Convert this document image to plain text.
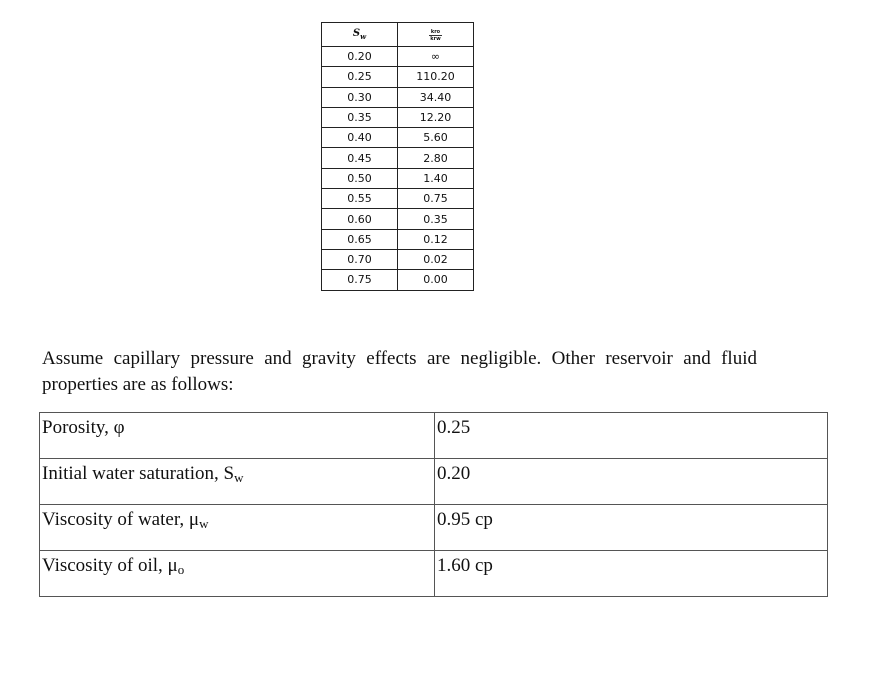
$S_w$	$\frac{\text{kro}}{\text{krw}}$

0.20	∞
0.25	110.20
0.30	34.40
0.35	12.20
0.40	5.60
0.45	2.80
0.50	1.40
0.55	0.75
0.60	0.35
0.65	0.12
0.70	0.02
0.75	0.00

Assume capillary pressure and gravity effects are negligible. Other reservoir and fluid
properties are as follows:

Porosity, φ	0.25
Initial water saturation, $S_w$	0.20
Viscosity of water, $\mu_w$	0.95 cp
Viscosity of oil, $\mu_o$	1.60 cp
